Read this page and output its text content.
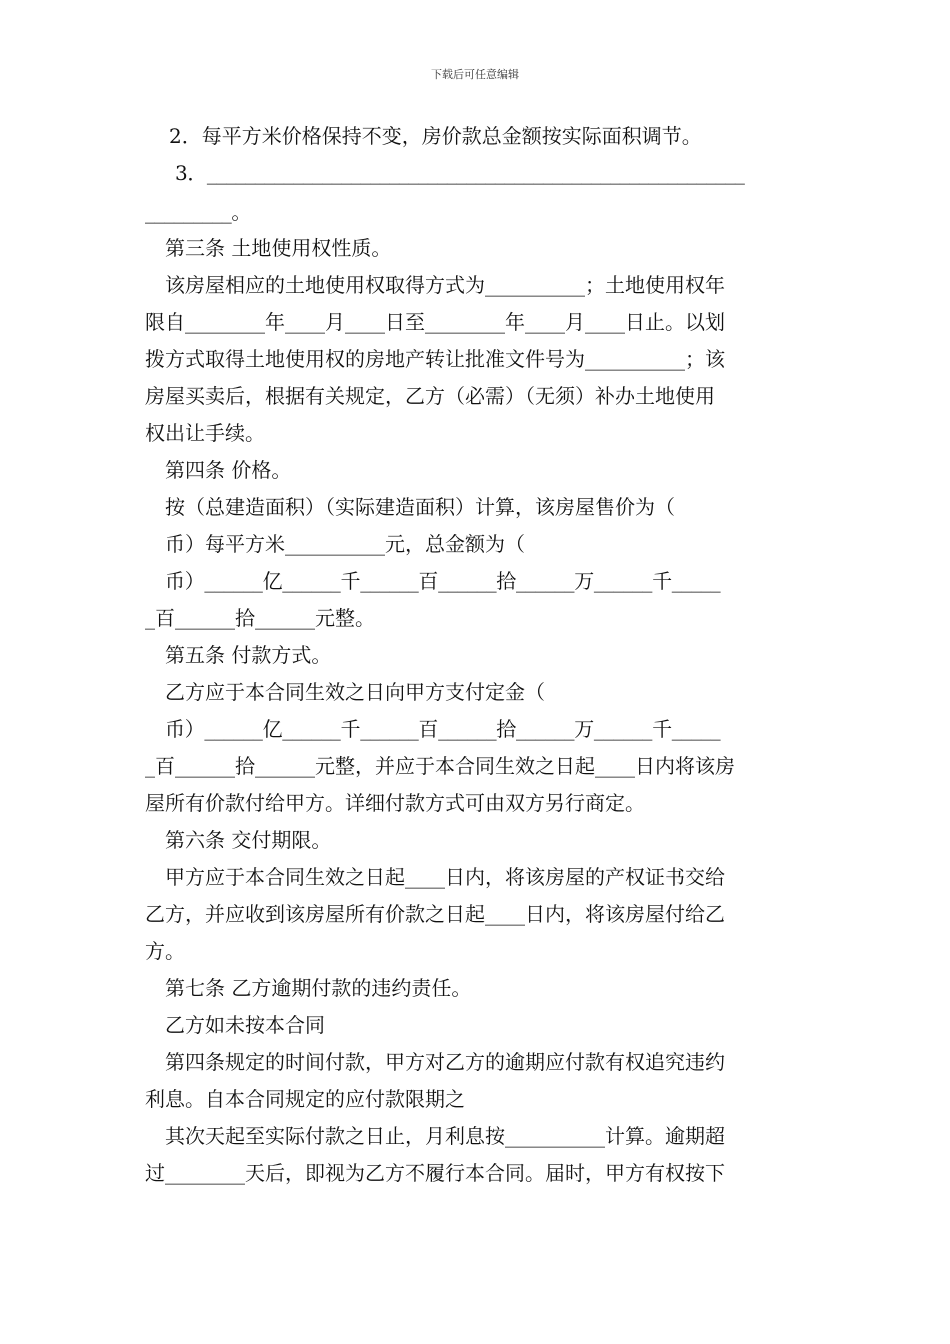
下载后可任意编辑
2．每平方米价格保持不变，房价款总金额按实际面积调节。
3．________________________________________________________
_________。
第三条 土地使用权性质。
该房屋相应的土地使用权取得方式为__________；土地使用权年
限自________年____月____日至________年____月____日止。以划
拨方式取得土地使用权的房地产转让批准文件号为__________；该
房屋买卖后，根据有关规定，乙方（必需）（无须）补办土地使用
权出让手续。
第四条 价格。
按（总建造面积）（实际建造面积）计算，该房屋售价为（
币）每平方米__________元，总金额为（
币）______亿______千______百______拾______万______千_____
_百______拾______元整。
第五条 付款方式。
乙方应于本合同生效之日向甲方支付定金（
币）______亿______千______百______拾______万______千_____
_百______拾______元整，并应于本合同生效之日起____日内将该房
屋所有价款付给甲方。详细付款方式可由双方另行商定。
第六条 交付期限。
甲方应于本合同生效之日起____日内，将该房屋的产权证书交给
乙方，并应收到该房屋所有价款之日起____日内，将该房屋付给乙
方。
第七条 乙方逾期付款的违约责任。
乙方如未按本合同
第四条规定的时间付款，甲方对乙方的逾期应付款有权追究违约
利息。自本合同规定的应付款限期之
其次天起至实际付款之日止，月利息按__________计算。逾期超
过________天后，即视为乙方不履行本合同。届时，甲方有权按下
